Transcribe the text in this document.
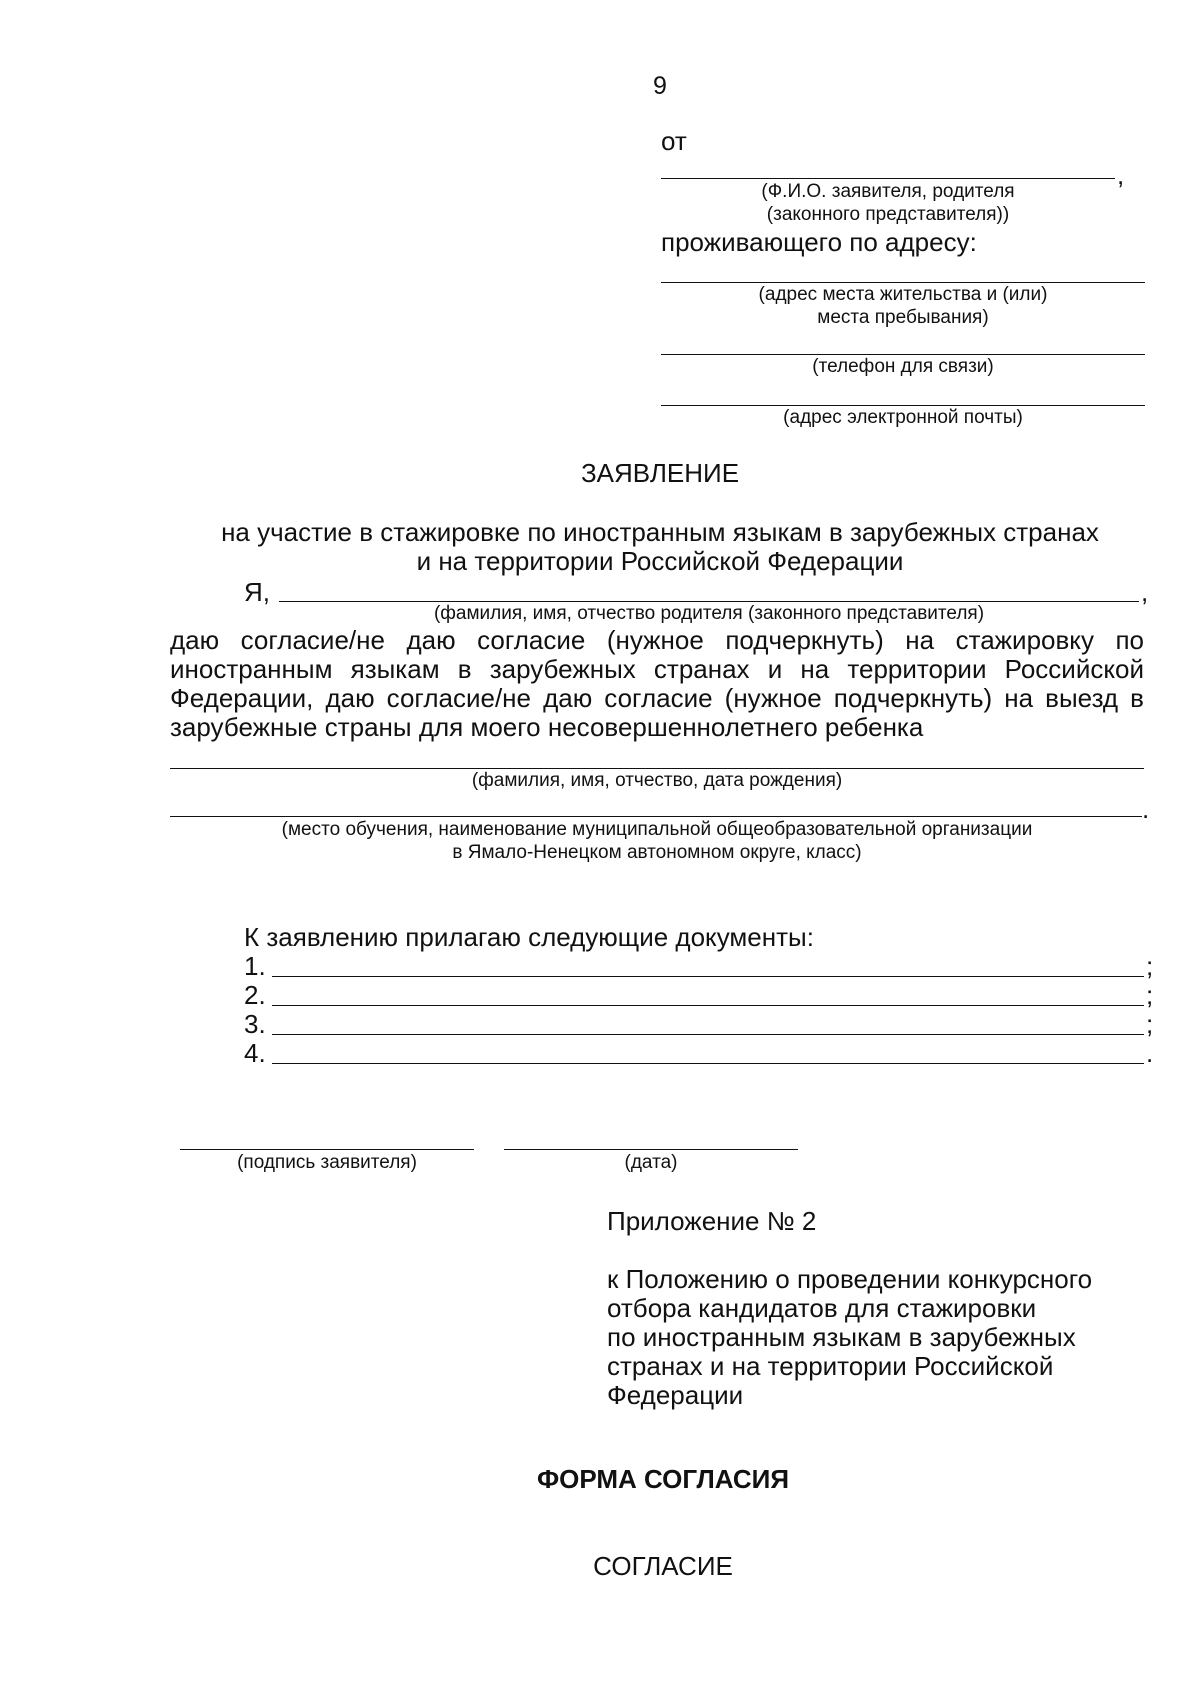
9
от
,
(Ф.И.О. заявителя, родителя
(законного представителя))
проживающего по адресу:
(адрес места жительства и (или)
места пребывания)
(телефон для связи)
(адрес электронной почты)
ЗАЯВЛЕНИЕ
на участие в стажировке по иностранным языкам в зарубежных странах
и на территории Российской Федерации
Я,	,
(фамилия, имя, отчество родителя (законного представителя)
даю согласие/не даю согласие (нужное подчеркнуть) на стажировку по иностранным языкам в зарубежных странах и на территории Российской Федерации, даю согласие/не даю согласие (нужное подчеркнуть) на выезд в зарубежные страны для моего несовершеннолетнего ребенка
(фамилия, имя, отчество, дата рождения)
.
(место обучения, наименование муниципальной общеобразовательной организации
в Ямало-Ненецком автономном округе, класс)
К заявлению прилагаю следующие документы:
1.	;
2.	;
3.	;
4.	.
(подпись заявителя)	(дата)
Приложение № 2
к Положению о проведении конкурсного
отбора кандидатов для стажировки
по иностранным языкам в зарубежных
странах и на территории Российской
Федерации
ФОРМА СОГЛАСИЯ
СОГЛАСИЕ
